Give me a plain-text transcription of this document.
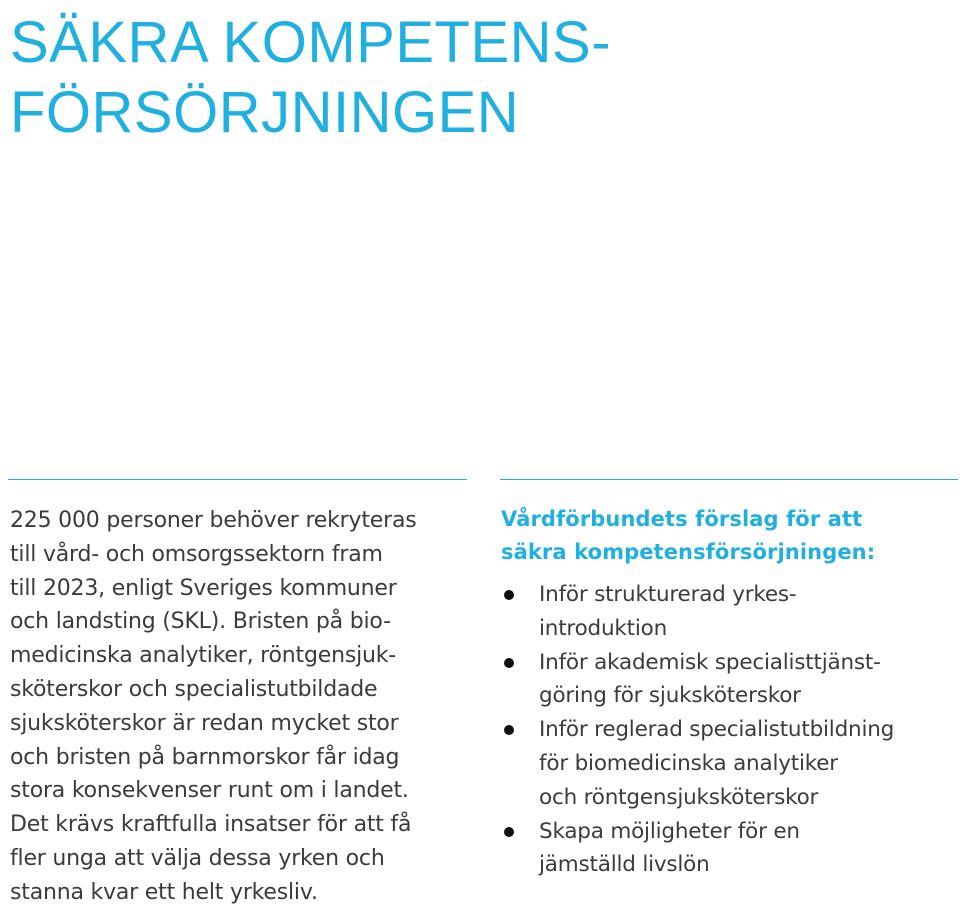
SÄKRA KOMPETENS-
FÖRSÖRJNINGEN

225 000 personer behöver rekryteras
till vård- och omsorgssektorn fram
till 2023, enligt Sveriges kommuner
och landsting (SKL). Bristen på bio-
medicinska analytiker, röntgensjuk-
sköterskor och specialistutbildade
sjuksköterskor är redan mycket stor
och bristen på barnmorskor får idag
stora konsekvenser runt om i landet.
Det krävs kraftfulla insatser för att få
fler unga att välja dessa yrken och
stanna kvar ett helt yrkesliv.

Vårdförbundets förslag för att
säkra kompetensförsörjningen:
Inför strukturerad yrkes-
introduktion
Inför akademisk specialisttjänst-
göring för sjuksköterskor
Inför reglerad specialistutbildning
för biomedicinska analytiker
och röntgensjuksköterskor
Skapa möjligheter för en
jämställd livslön
